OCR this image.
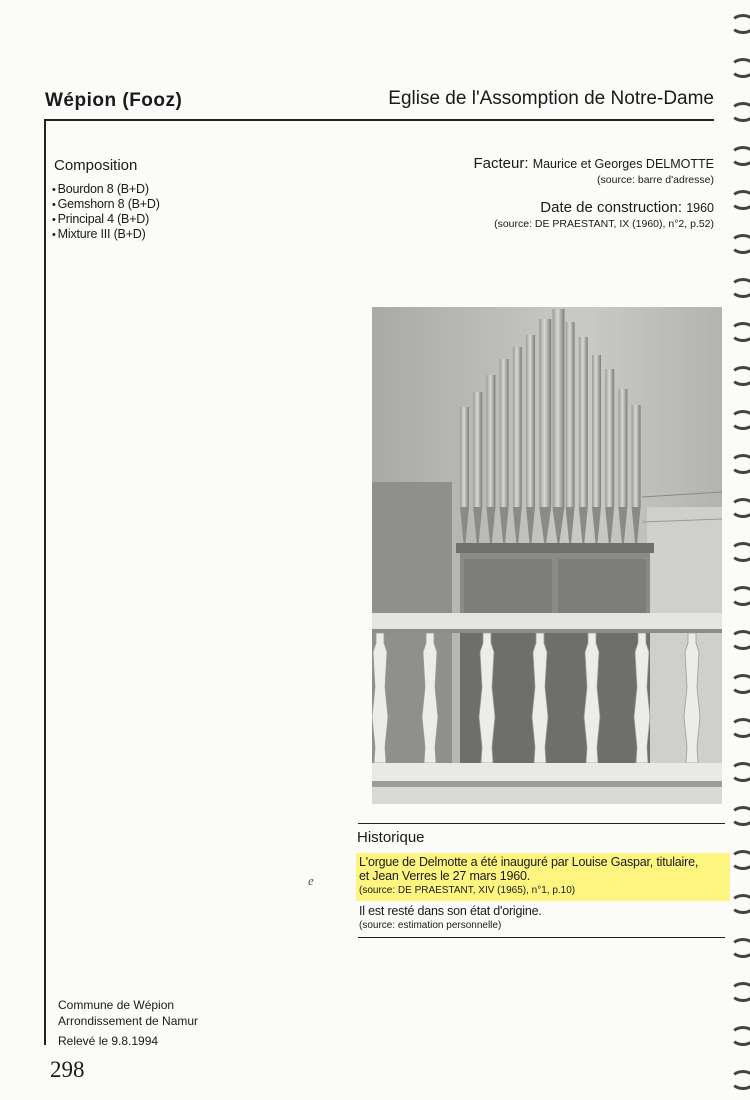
Wépion (Fooz)	Eglise de l'Assomption de Notre-Dame
Composition
• Bourdon 8 (B+D)
• Gemshorn 8 (B+D)
• Principal 4 (B+D)
• Mixture III (B+D)
Facteur: Maurice et Georges DELMOTTE
(source: barre d'adresse)
Date de construction: 1960
(source: DE PRAESTANT, IX (1960), n°2, p.52)
Historique
L'orgue de Delmotte a été inauguré par Louise Gaspar, titulaire,
et Jean Verres le 27 mars 1960.
(source: DE PRAESTANT, XIV (1965), n°1, p.10)
Il est resté dans son état d'origine.
(source: estimation personnelle)
e
Commune de Wépion
Arrondissement de Namur
Relevé le 9.8.1994
298
